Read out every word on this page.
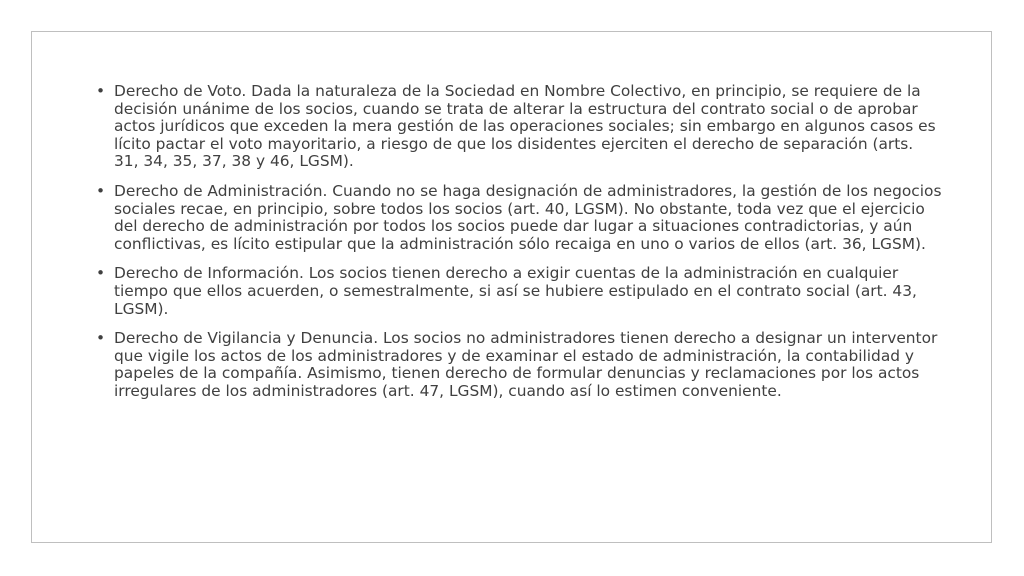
• Derecho de Voto. Dada la naturaleza de la Sociedad en Nombre Colectivo, en principio, se requiere de la decisión unánime de los socios, cuando se trata de alterar la estructura del contrato social o de aprobar actos jurídicos que exceden la mera gestión de las operaciones sociales; sin embargo en algunos casos es lícito pactar el voto mayoritario, a riesgo de que los disidentes ejerciten el derecho de separación (arts. 31, 34, 35, 37, 38 y 46, LGSM).
• Derecho de Administración. Cuando no se haga designación de administradores, la gestión de los negocios sociales recae, en principio, sobre todos los socios (art. 40, LGSM). No obstante, toda vez que el ejercicio del derecho de administración por todos los socios puede dar lugar a situaciones contradictorias, y aún conflictivas, es lícito estipular que la administración sólo recaiga en uno o varios de ellos (art. 36, LGSM).
• Derecho de Información. Los socios tienen derecho a exigir cuentas de la administración en cualquier tiempo que ellos acuerden, o semestralmente, si así se hubiere estipulado en el contrato social (art. 43, LGSM).
• Derecho de Vigilancia y Denuncia. Los socios no administradores tienen derecho a designar un interventor que vigile los actos de los administradores y de examinar el estado de administración, la contabilidad y papeles de la compañía. Asimismo, tienen derecho de formular denuncias y reclamaciones por los actos irregulares de los administradores (art. 47, LGSM), cuando así lo estimen conveniente.
